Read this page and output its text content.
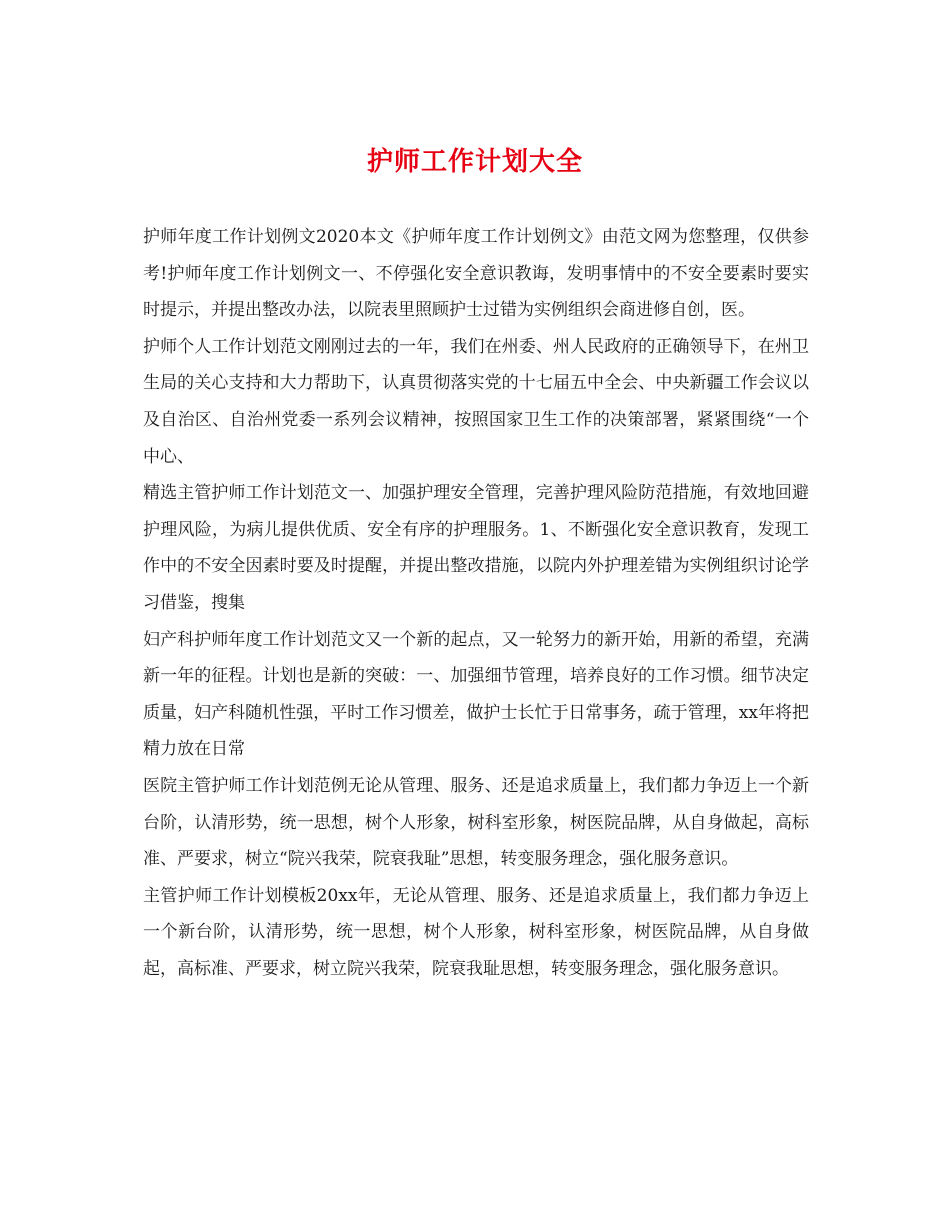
护师工作计划大全

护师年度工作计划例文2020本文《护师年度工作计划例文》由范文网为您整理，仅供参考!护师年度工作计划例文一、不停强化安全意识教诲，发明事情中的不安全要素时要实时提示，并提出整改办法，以院表里照顾护士过错为实例组织会商进修自创，医。

护师个人工作计划范文刚刚过去的一年，我们在州委、州人民政府的正确领导下，在州卫生局的关心支持和大力帮助下，认真贯彻落实党的十七届五中全会、中央新疆工作会议以及自治区、自治州党委一系列会议精神，按照国家卫生工作的决策部署，紧紧围绕“一个中心、

精选主管护师工作计划范文一、加强护理安全管理，完善护理风险防范措施，有效地回避护理风险，为病儿提供优质、安全有序的护理服务。1、不断强化安全意识教育，发现工作中的不安全因素时要及时提醒，并提出整改措施，以院内外护理差错为实例组织讨论学习借鉴，搜集

妇产科护师年度工作计划范文又一个新的起点，又一轮努力的新开始，用新的希望，充满新一年的征程。计划也是新的突破：一、加强细节管理，培养良好的工作习惯。细节决定质量，妇产科随机性强，平时工作习惯差，做护士长忙于日常事务，疏于管理，xx年将把精力放在日常

医院主管护师工作计划范例无论从管理、服务、还是追求质量上，我们都力争迈上一个新台阶，认清形势，统一思想，树个人形象，树科室形象，树医院品牌，从自身做起，高标准、严要求，树立“院兴我荣，院衰我耻”思想，转变服务理念，强化服务意识。

主管护师工作计划模板20xx年，无论从管理、服务、还是追求质量上，我们都力争迈上一个新台阶，认清形势，统一思想，树个人形象，树科室形象，树医院品牌，从自身做起，高标准、严要求，树立院兴我荣，院衰我耻思想，转变服务理念，强化服务意识。
